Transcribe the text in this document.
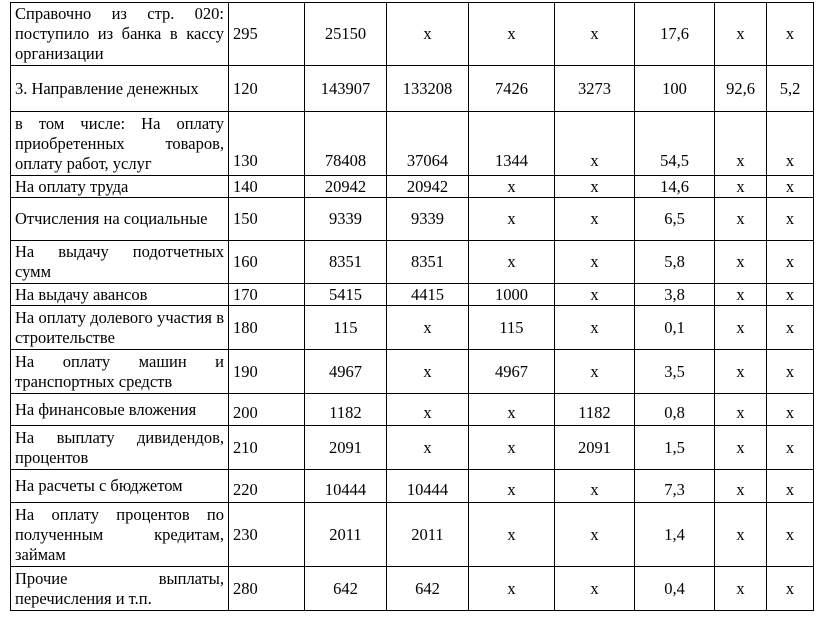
Справочно из стр. 020: поступило из банка в кассу организации	295	25150	х	х	х	17,6	х	х
3. Направление денежных	120	143907	133208	7426	3273	100	92,6	5,2
в том числе: На оплату приобретенных товаров, оплату работ, услуг	130	78408	37064	1344	х	54,5	х	х
На оплату труда	140	20942	20942	х	х	14,6	х	х
Отчисления на социальные	150	9339	9339	х	х	6,5	х	х
На выдачу подотчетных сумм	160	8351	8351	х	х	5,8	х	х
На выдачу авансов	170	5415	4415	1000	х	3,8	х	х
На оплату долевого участия в строительстве	180	115	х	115	х	0,1	х	х
На оплату машин и транспортных средств	190	4967	х	4967	х	3,5	х	х
На финансовые вложения	200	1182	х	х	1182	0,8	х	х
На выплату дивидендов, процентов	210	2091	х	х	2091	1,5	х	х
На расчеты с бюджетом	220	10444	10444	х	х	7,3	х	х
На оплату процентов по полученным кредитам, займам	230	2011	2011	х	х	1,4	х	х
Прочие выплаты, перечисления и т.п.	280	642	642	х	х	0,4	х	х
